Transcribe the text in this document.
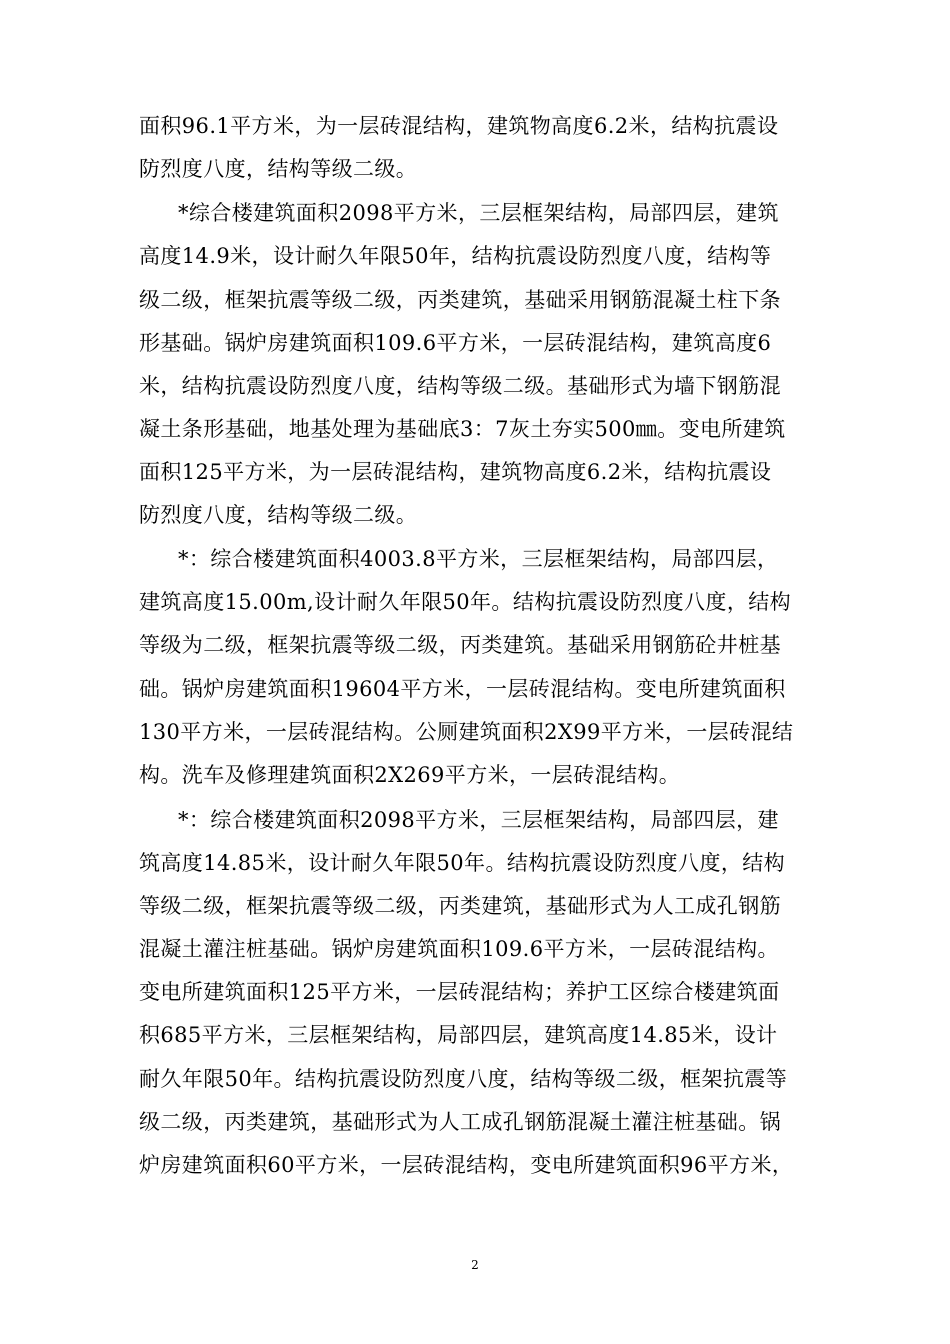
面积96.1平方米，为一层砖混结构，建筑物高度6.2米，结构抗震设
防烈度八度，结构等级二级。
*综合楼建筑面积2098平方米，三层框架结构，局部四层，建筑
高度14.9米，设计耐久年限50年，结构抗震设防烈度八度，结构等
级二级，框架抗震等级二级，丙类建筑，基础采用钢筋混凝土柱下条
形基础。锅炉房建筑面积109.6平方米，一层砖混结构，建筑高度6
米，结构抗震设防烈度八度，结构等级二级。基础形式为墙下钢筋混
凝土条形基础，地基处理为基础底3：7灰土夯实500㎜。变电所建筑
面积125平方米，为一层砖混结构，建筑物高度6.2米，结构抗震设
防烈度八度，结构等级二级。
*：综合楼建筑面积4003.8平方米，三层框架结构，局部四层，
建筑高度15.00m,设计耐久年限50年。结构抗震设防烈度八度，结构
等级为二级，框架抗震等级二级，丙类建筑。基础采用钢筋砼井桩基
础。锅炉房建筑面积19604平方米，一层砖混结构。变电所建筑面积
130平方米，一层砖混结构。公厕建筑面积2X99平方米，一层砖混结
构。洗车及修理建筑面积2X269平方米，一层砖混结构。
*：综合楼建筑面积2098平方米，三层框架结构，局部四层，建
筑高度14.85米，设计耐久年限50年。结构抗震设防烈度八度，结构
等级二级，框架抗震等级二级，丙类建筑，基础形式为人工成孔钢筋
混凝土灌注桩基础。锅炉房建筑面积109.6平方米，一层砖混结构。
变电所建筑面积125平方米，一层砖混结构；养护工区综合楼建筑面
积685平方米，三层框架结构，局部四层，建筑高度14.85米，设计
耐久年限50年。结构抗震设防烈度八度，结构等级二级，框架抗震等
级二级，丙类建筑，基础形式为人工成孔钢筋混凝土灌注桩基础。锅
炉房建筑面积60平方米，一层砖混结构，变电所建筑面积96平方米，
2
